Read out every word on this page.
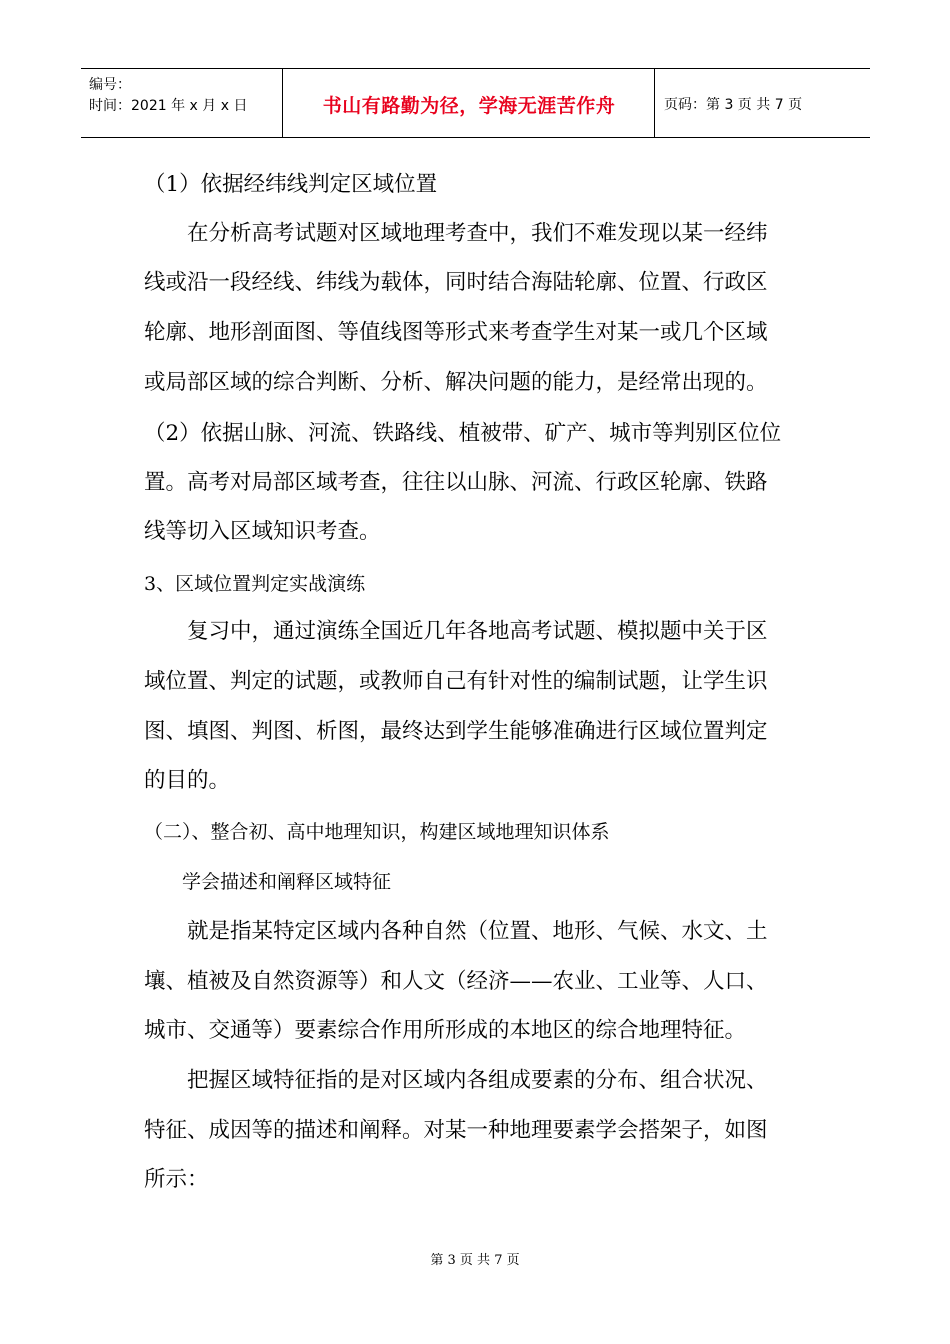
编号：
时间：2021 年 x 月 x 日	书山有路勤为径，学海无涯苦作舟	页码：第 3 页 共 7 页
（1）依据经纬线判定区域位置
　　在分析高考试题对区域地理考查中，我们不难发现以某一经纬
线或沿一段经线、纬线为载体，同时结合海陆轮廓、位置、行政区
轮廓、地形剖面图、等值线图等形式来考查学生对某一或几个区域
或局部区域的综合判断、分析、解决问题的能力，是经常出现的。
（2）依据山脉、河流、铁路线、植被带、矿产、城市等判别区位位
置。高考对局部区域考查，往往以山脉、河流、行政区轮廓、铁路
线等切入区域知识考查。
3、区域位置判定实战演练
　　复习中，通过演练全国近几年各地高考试题、模拟题中关于区
域位置、判定的试题，或教师自己有针对性的编制试题，让学生识
图、填图、判图、析图，最终达到学生能够准确进行区域位置判定
的目的。
（二）、整合初、高中地理知识，构建区域地理知识体系
　　学会描述和阐释区域特征
　　就是指某特定区域内各种自然（位置、地形、气候、水文、土
壤、植被及自然资源等）和人文（经济——农业、工业等、人口、
城市、交通等）要素综合作用所形成的本地区的综合地理特征。
　　把握区域特征指的是对区域内各组成要素的分布、组合状况、
特征、成因等的描述和阐释。对某一种地理要素学会搭架子，如图
所示：
第 3 页 共 7 页
